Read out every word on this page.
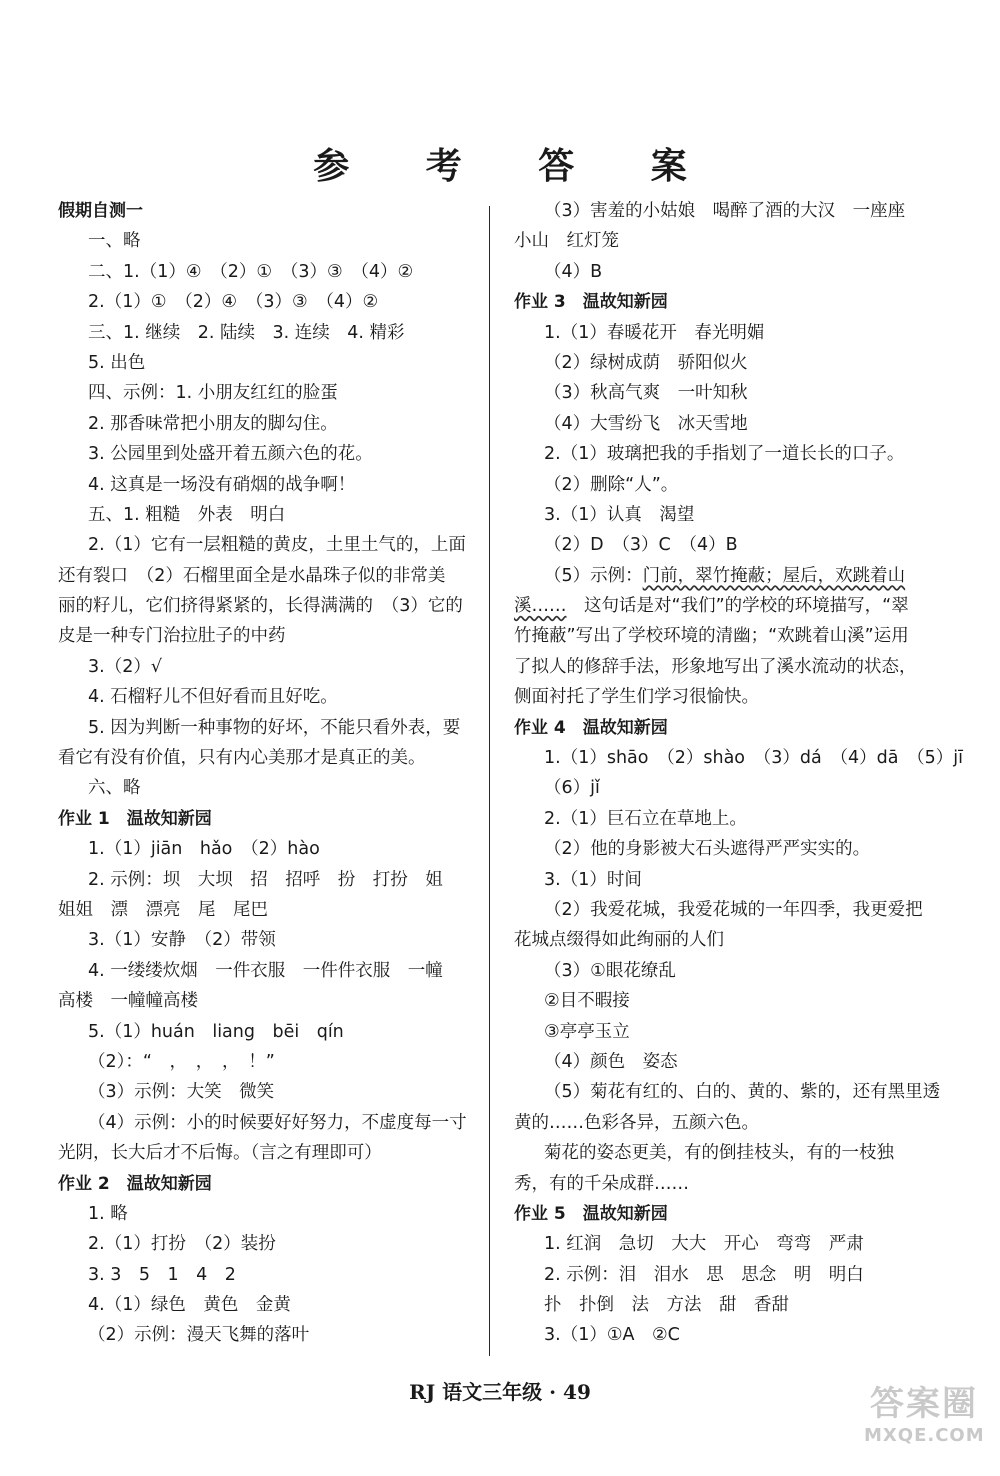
参 考 答 案
假期自测一
一、略
二、1.（1）④　（2）①　（3）③　（4）②
2.（1）①　（2）④　（3）③　（4）②
三、1. 继续　2. 陆续　3. 连续　4. 精彩
5. 出色
四、示例：1. 小朋友红红的脸蛋
2. 那香味常把小朋友的脚勾住。
3. 公园里到处盛开着五颜六色的花。
4. 这真是一场没有硝烟的战争啊！
五、1. 粗糙　外表　明白
2.（1）它有一层粗糙的黄皮，土里土气的，上面
还有裂口　（2）石榴里面全是水晶珠子似的非常美
丽的籽儿，它们挤得紧紧的，长得满满的　（3）它的
皮是一种专门治拉肚子的中药
3.（2）√
4. 石榴籽儿不但好看而且好吃。
5. 因为判断一种事物的好坏，不能只看外表，要
看它有没有价值，只有内心美那才是真正的美。
六、略
作业 1　温故知新园
1.（1）jiān　hǎo　（2）hào
2. 示例：坝　大坝　招　招呼　扮　打扮　姐
姐姐　漂　漂亮　尾　尾巴
3.（1）安静　（2）带领
4. 一缕缕炊烟　一件衣服　一件件衣服　一幢
高楼　一幢幢高楼
5.（1）huán　liang　bēi　qín
（2）：“　，　，　，　！”
（3）示例：大笑　微笑
（4）示例：小的时候要好好努力，不虚度每一寸
光阴，长大后才不后悔。（言之有理即可）
作业 2　温故知新园
1. 略
2.（1）打扮　（2）装扮
3. 3　5　1　4　2
4.（1）绿色　黄色　金黄
（2）示例：漫天飞舞的落叶
（3）害羞的小姑娘　喝醉了酒的大汉　一座座
小山　红灯笼
（4）B
作业 3　温故知新园
1.（1）春暖花开　春光明媚
（2）绿树成荫　骄阳似火
（3）秋高气爽　一叶知秋
（4）大雪纷飞　冰天雪地
2.（1）玻璃把我的手指划了一道长长的口子。
（2）删除“人”。
3.（1）认真　渴望
（2）D　（3）C　（4）B
（5）示例：门前，翠竹掩蔽；屋后，欢跳着山
溪……　这句话是对“我们”的学校的环境描写，“翠
竹掩蔽”写出了学校环境的清幽；“欢跳着山溪”运用
了拟人的修辞手法，形象地写出了溪水流动的状态，
侧面衬托了学生们学习很愉快。
作业 4　温故知新园
1.（1）shāo　（2）shào　（3）dá　（4）dā　（5）jī
（6）jǐ
2.（1）巨石立在草地上。
（2）他的身影被大石头遮得严严实实的。
3.（1）时间
（2）我爱花城，我爱花城的一年四季，我更爱把
花城点缀得如此绚丽的人们
（3）①眼花缭乱
②目不暇接
③亭亭玉立
（4）颜色　姿态
（5）菊花有红的、白的、黄的、紫的，还有黑里透
黄的……色彩各异，五颜六色。
菊花的姿态更美，有的倒挂枝头，有的一枝独
秀，有的千朵成群……
作业 5　温故知新园
1. 红润　急切　大大　开心　弯弯　严肃
2. 示例：泪　泪水　思　思念　明　明白
扑　扑倒　法　方法　甜　香甜
3.（1）①A　②C
RJ 语文三年级 · 49	答案圈
MXQE.COM
